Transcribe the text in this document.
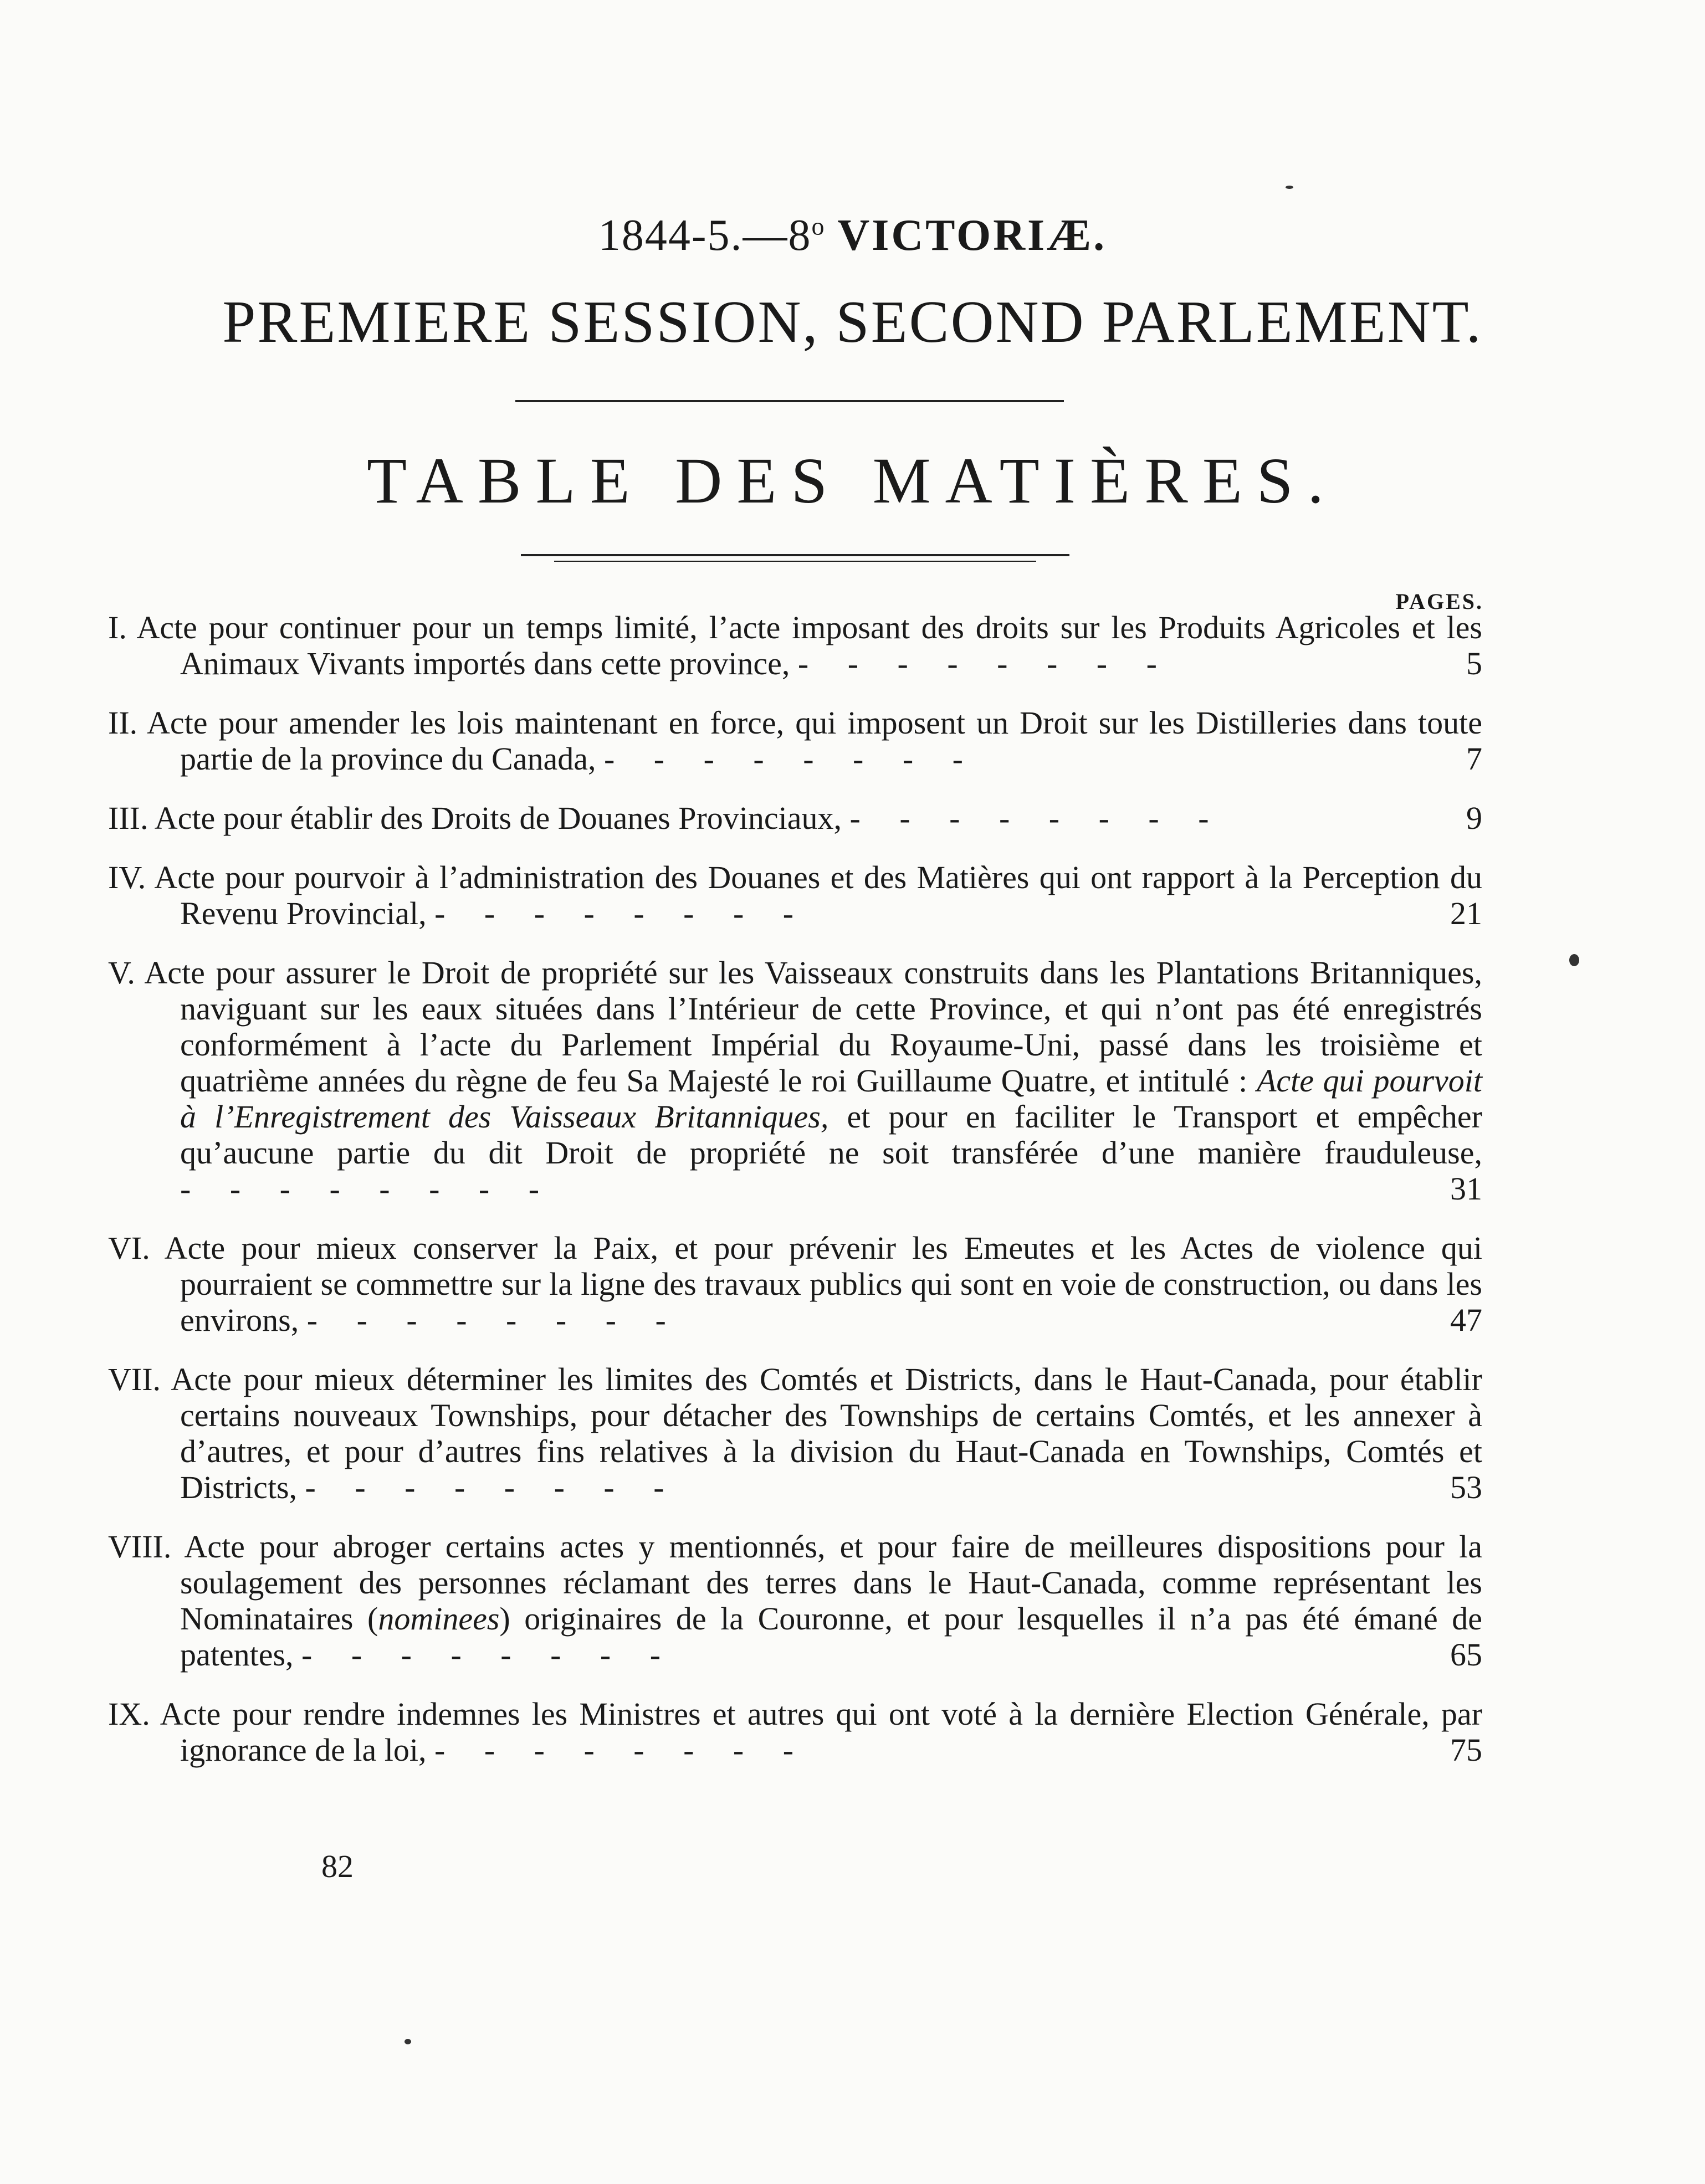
1844-5.—8$^o$ VICTORIÆ.
PREMIERE SESSION, SECOND PARLEMENT.
TABLE DES MATIÈRES.
PAGES.
I. Acte pour continuer pour un temps limité, l’acte imposant des droits sur les Produits Agricoles et les Animaux Vivants importés dans cette province, - - - - - - - -	5
II. Acte pour amender les lois maintenant en force, qui imposent un Droit sur les Distilleries dans toute partie de la province du Canada, - - - - - - - -	7
III. Acte pour établir des Droits de Douanes Provinciaux, - - - - - - - -	9
IV. Acte pour pourvoir à l’administration des Douanes et des Matières qui ont rapport à la Perception du Revenu Provincial, - - - - - - - -	21
V. Acte pour assurer le Droit de propriété sur les Vaisseaux construits dans les Plantations Britanniques, naviguant sur les eaux situées dans l’Intérieur de cette Province, et qui n’ont pas été enregistrés conformément à l’acte du Parlement Impérial du Royaume-Uni, passé dans les troisième et quatrième années du règne de feu Sa Majesté le roi Guillaume Quatre, et intitulé : Acte qui pourvoit à l’Enregistrement des Vaisseaux Britanniques, et pour en faciliter le Transport et empêcher qu’aucune partie du dit Droit de propriété ne soit transférée d’une manière frauduleuse, - - - - - - - -	31
VI. Acte pour mieux conserver la Paix, et pour prévenir les Emeutes et les Actes de violence qui pourraient se commettre sur la ligne des travaux publics qui sont en voie de construction, ou dans les environs, - - - - - - - -	47
VII. Acte pour mieux déterminer les limites des Comtés et Districts, dans le Haut-Canada, pour établir certains nouveaux Townships, pour détacher des Townships de certains Comtés, et les annexer à d’autres, et pour d’autres fins relatives à la division du Haut-Canada en Townships, Comtés et Districts, - - - - - - - -	53
VIII. Acte pour abroger certains actes y mentionnés, et pour faire de meilleures dispositions pour la soulagement des personnes réclamant des terres dans le Haut-Canada, comme représentant les Nominataires (nominees) originaires de la Couronne, et pour lesquelles il n’a pas été émané de patentes, - - - - - - - -	65
IX. Acte pour rendre indemnes les Ministres et autres qui ont voté à la dernière Election Générale, par ignorance de la loi, - - - - - - - -	75
82
